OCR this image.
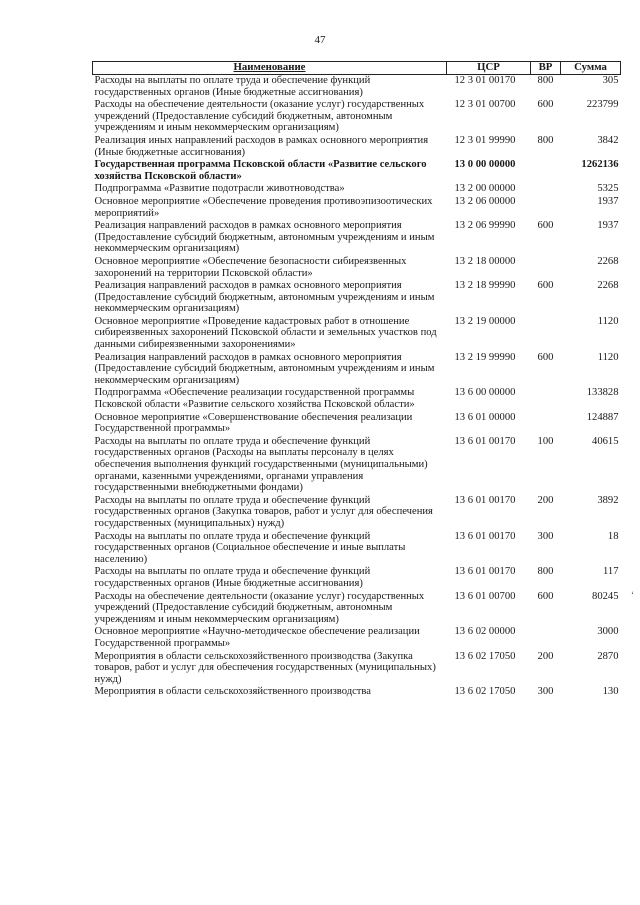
47
Наименование	ЦСР	ВР	Сумма
Расходы на выплаты по оплате труда и обеспечение функций государственных органов (Иные бюджетные ассигнования)	12 3 01 00170	800	305
Расходы на обеспечение деятельности (оказание услуг) государственных учреждений (Предоставление субсидий бюджетным, автономным учреждениям и иным некоммерческим организациям)	12 3 01 00700	600	223799
Реализация иных направлений расходов в рамках основного мероприятия (Иные бюджетные ассигнования)	12 3 01 99990	800	3842
Государственная программа Псковской области «Развитие сельского хозяйства Псковской области»	13 0 00 00000		1262136
Подпрограмма «Развитие подотрасли животноводства»	13 2 00 00000		5325
Основное мероприятие «Обеспечение проведения противоэпизоотических мероприятий»	13 2 06 00000		1937
Реализация направлений расходов в рамках основного мероприятия (Предоставление субсидий бюджетным, автономным учреждениям и иным некоммерческим организациям)	13 2 06 99990	600	1937
Основное мероприятие «Обеспечение безопасности сибиреязвенных захоронений на территории Псковской области»	13 2 18 00000		2268
Реализация направлений расходов в рамках основного мероприятия (Предоставление субсидий бюджетным, автономным учреждениям и иным некоммерческим организациям)	13 2 18 99990	600	2268
Основное мероприятие «Проведение кадастровых работ в отношение сибиреязвенных захоронений Псковской области и земельных участков под данными сибиреязвенными захоронениями»	13 2 19 00000		1120
Реализация направлений расходов в рамках основного мероприятия (Предоставление субсидий бюджетным, автономным учреждениям и иным некоммерческим организациям)	13 2 19 99990	600	1120
Подпрограмма «Обеспечение реализации государственной программы Псковской области «Развитие сельского хозяйства Псковской области»	13 6 00 00000		133828
Основное мероприятие «Совершенствование обеспечения реализации Государственной программы»	13 6 01 00000		124887
Расходы на выплаты по оплате труда и обеспечение функций государственных органов (Расходы на выплаты персоналу в целях обеспечения выполнения функций государственными (муниципальными) органами, казенными учреждениями, органами управления государственными внебюджетными фондами)	13 6 01 00170	100	40615
Расходы на выплаты по оплате труда и обеспечение функций государственных органов (Закупка товаров, работ и услуг для обеспечения государственных (муниципальных) нужд)	13 6 01 00170	200	3892
Расходы на выплаты по оплате труда и обеспечение функций государственных органов (Социальное обеспечение и иные выплаты населению)	13 6 01 00170	300	18
Расходы на выплаты по оплате труда и обеспечение функций государственных органов (Иные бюджетные ассигнования)	13 6 01 00170	800	117
Расходы на обеспечение деятельности (оказание услуг) государственных учреждений (Предоставление субсидий бюджетным, автономным учреждениям и иным некоммерческим организациям)	13 6 01 00700	600	80245
Основное мероприятие «Научно-методическое обеспечение реализации Государственной программы»	13 6 02 00000		3000
Мероприятия в области сельскохозяйственного производства (Закупка товаров, работ и услуг для обеспечения государственных (муниципальных) нужд)	13 6 02 17050	200	2870
Мероприятия в области сельскохозяйственного производства	13 6 02 17050	300	130
ʻ
